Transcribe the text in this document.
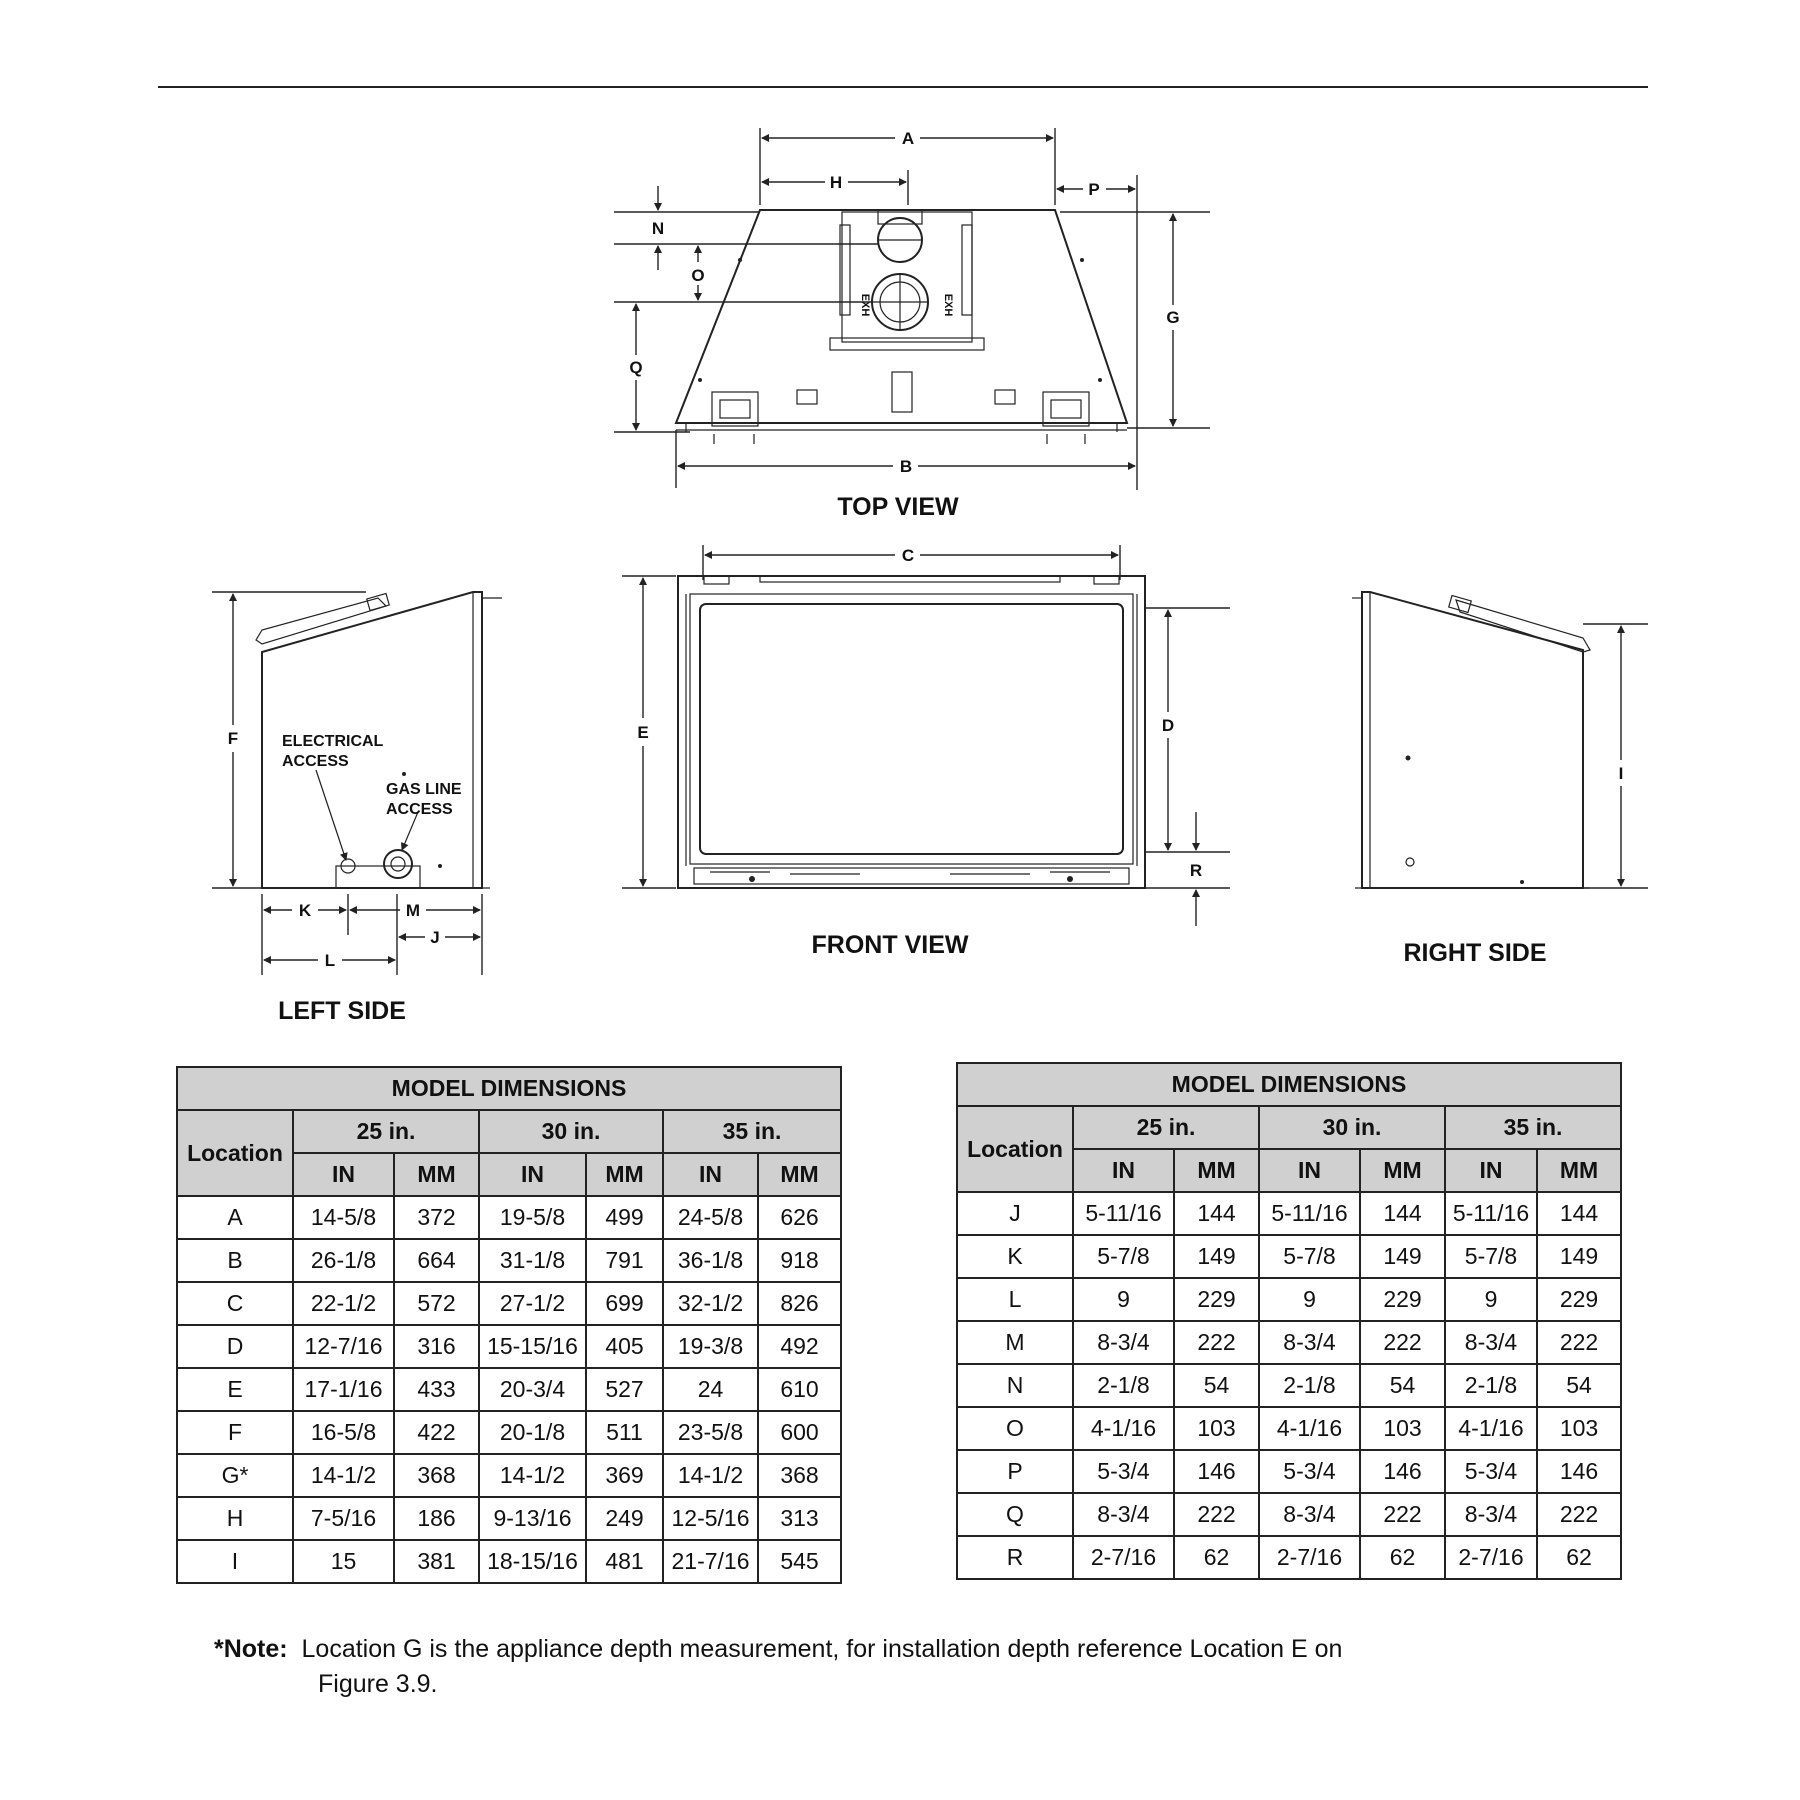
EXH	EXH
A
H	P
G
B
N
O
Q
TOP VIEW
C
E	D
R
FRONT VIEW
ELECTRICAL
ACCESS
GAS LINE
ACCESS
F
K	M
J
L
LEFT SIDE
I
RIGHT SIDE
MODEL DIMENSIONS						
Location	25 in.		30 in.		35 in.	
	IN	MM	IN	MM	IN	MM
A	14-5/8	372	19-5/8	499	24-5/8	626
B	26-1/8	664	31-1/8	791	36-1/8	918
C	22-1/2	572	27-1/2	699	32-1/2	826
D	12-7/16	316	15-15/16	405	19-3/8	492
E	17-1/16	433	20-3/4	527	24	610
F	16-5/8	422	20-1/8	511	23-5/8	600
G*	14-1/2	368	14-1/2	369	14-1/2	368
H	7-5/16	186	9-13/16	249	12-5/16	313
I	15	381	18-15/16	481	21-7/16	545
MODEL DIMENSIONS						
Location	25 in.		30 in.		35 in.	
	IN	MM	IN	MM	IN	MM
J	5-11/16	144	5-11/16	144	5-11/16	144
K	5-7/8	149	5-7/8	149	5-7/8	149
L	9	229	9	229	9	229
M	8-3/4	222	8-3/4	222	8-3/4	222
N	2-1/8	54	2-1/8	54	2-1/8	54
O	4-1/16	103	4-1/16	103	4-1/16	103
P	5-3/4	146	5-3/4	146	5-3/4	146
Q	8-3/4	222	8-3/4	222	8-3/4	222
R	2-7/16	62	2-7/16	62	2-7/16	62
*Note: Location G is the appliance depth measurement, for installation depth reference Location E on
Figure 3.9.
